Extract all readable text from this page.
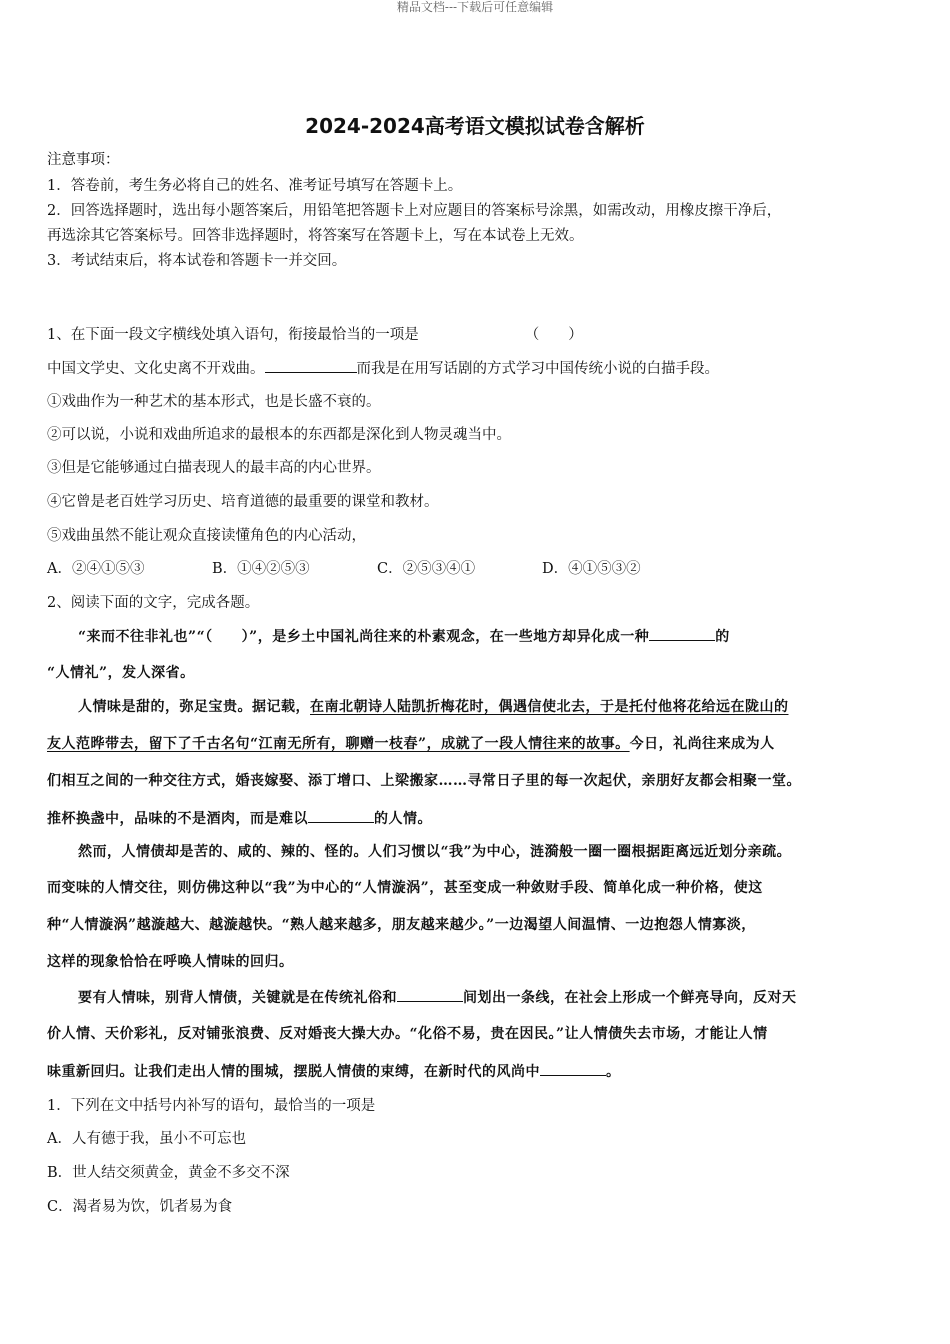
精品文档---下载后可任意编辑
2024-2024高考语文模拟试卷含解析
注意事项：
1．答卷前，考生务必将自己的姓名、准考证号填写在答题卡上。
2．回答选择题时，选出每小题答案后，用铅笔把答题卡上对应题目的答案标号涂黑，如需改动，用橡皮擦干净后，
再选涂其它答案标号。回答非选择题时，将答案写在答题卡上，写在本试卷上无效。
3．考试结束后，将本试卷和答题卡一并交回。
1、在下面一段文字横线处填入语句，衔接最恰当的一项是	（　　）
中国文学史、文化史离不开戏曲。	而我是在用写话剧的方式学习中国传统小说的白描手段。
①戏曲作为一种艺术的基本形式，也是长盛不衰的。
②可以说，小说和戏曲所追求的最根本的东西都是深化到人物灵魂当中。
③但是它能够通过白描表现人的最丰高的内心世界。
④它曾是老百姓学习历史、培育道德的最重要的课堂和教材。
⑤戏曲虽然不能让观众直接读懂角色的内心活动，
A．②④①⑤③	B．①④②⑤③	C．②⑤③④①	D．④①⑤③②
2、阅读下面的文字，完成各题。
“来而不往非礼也”“（　　）”，是乡土中国礼尚往来的朴素观念，在一些地方却异化成一种	的
“人情礼”，发人深省。
人情味是甜的，弥足宝贵。据记载，在南北朝诗人陆凯折梅花时，偶遇信使北去，于是托付他将花给远在陇山的
友人范晔带去，留下了千古名句“江南无所有，聊赠一枝春”，成就了一段人情往来的故事。今日，礼尚往来成为人
们相互之间的一种交往方式，婚丧嫁娶、添丁增口、上梁搬家……寻常日子里的每一次起伏，亲朋好友都会相聚一堂。
推杯换盏中，品味的不是酒肉，而是难以	的人情。
然而，人情债却是苦的、咸的、辣的、怪的。人们习惯以“我”为中心，涟漪般一圈一圈根据距离远近划分亲疏。
而变味的人情交往，则仿佛这种以“我”为中心的“人情漩涡”，甚至变成一种敛财手段、简单化成一种价格，使这
种“人情漩涡”越漩越大、越漩越快。“熟人越来越多，朋友越来越少。”一边渴望人间温情、一边抱怨人情寡淡，
这样的现象恰恰在呼唤人情味的回归。
要有人情味，别背人情债，关键就是在传统礼俗和	间划出一条线，在社会上形成一个鲜亮导向，反对天
价人情、天价彩礼，反对铺张浪费、反对婚丧大操大办。“化俗不易，贵在因民。”让人情债失去市场，才能让人情
味重新回归。让我们走出人情的围城，摆脱人情债的束缚，在新时代的风尚中	。
1．下列在文中括号内补写的语句，最恰当的一项是
A．人有德于我，虽小不可忘也
B．世人结交须黄金，黄金不多交不深
C．渴者易为饮，饥者易为食
